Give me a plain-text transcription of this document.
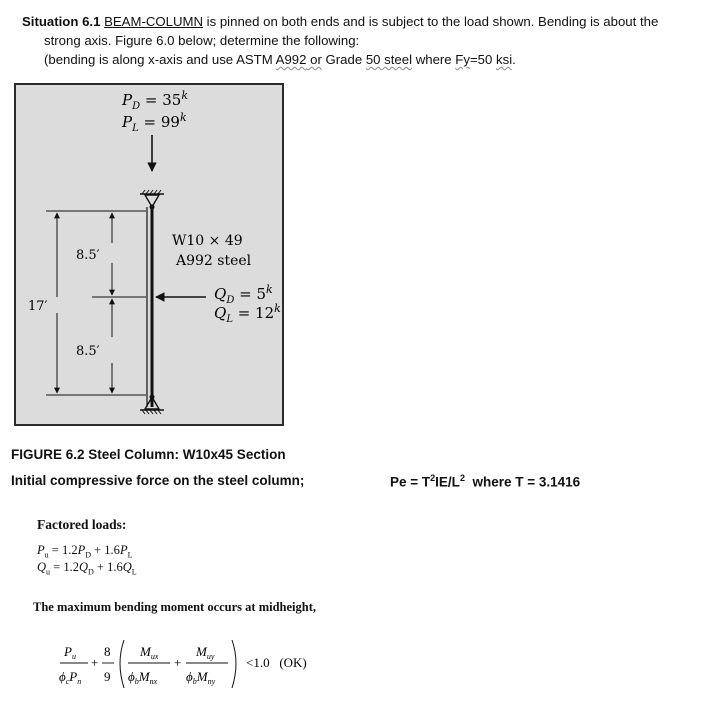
Situation 6.1 BEAM-COLUMN is pinned on both ends and is subject to the load shown. Bending is about the
strong axis. Figure 6.0 below; determine the following:
(bending is along x-axis and use ASTM A992 or Grade 50 steel where Fy=50 ksi.
$P_D = 35^k$
$P_L = 99^k$
W10 × 49
A992 steel
$Q_D = 5^k$
$Q_L = 12^k$
17′
8.5′
8.5′
FIGURE 6.2 Steel Column: W10x45 Section
Initial compressive force on the steel column;	$Pe = T^2IE/L^2$  where T = 3.1416
Factored loads:
$P_u = 1.2P_D + 1.6P_L$
$Q_u = 1.2Q_D + 1.6Q_L$
The maximum bending moment occurs at midheight,
$P_u$
$\phi_cP_n$
+
8
9
$M_{ux}$
$\phi_bM_{nx}$
+
$M_{uy}$
$\phi_bM_{ny}$
<1.0   (OK)
